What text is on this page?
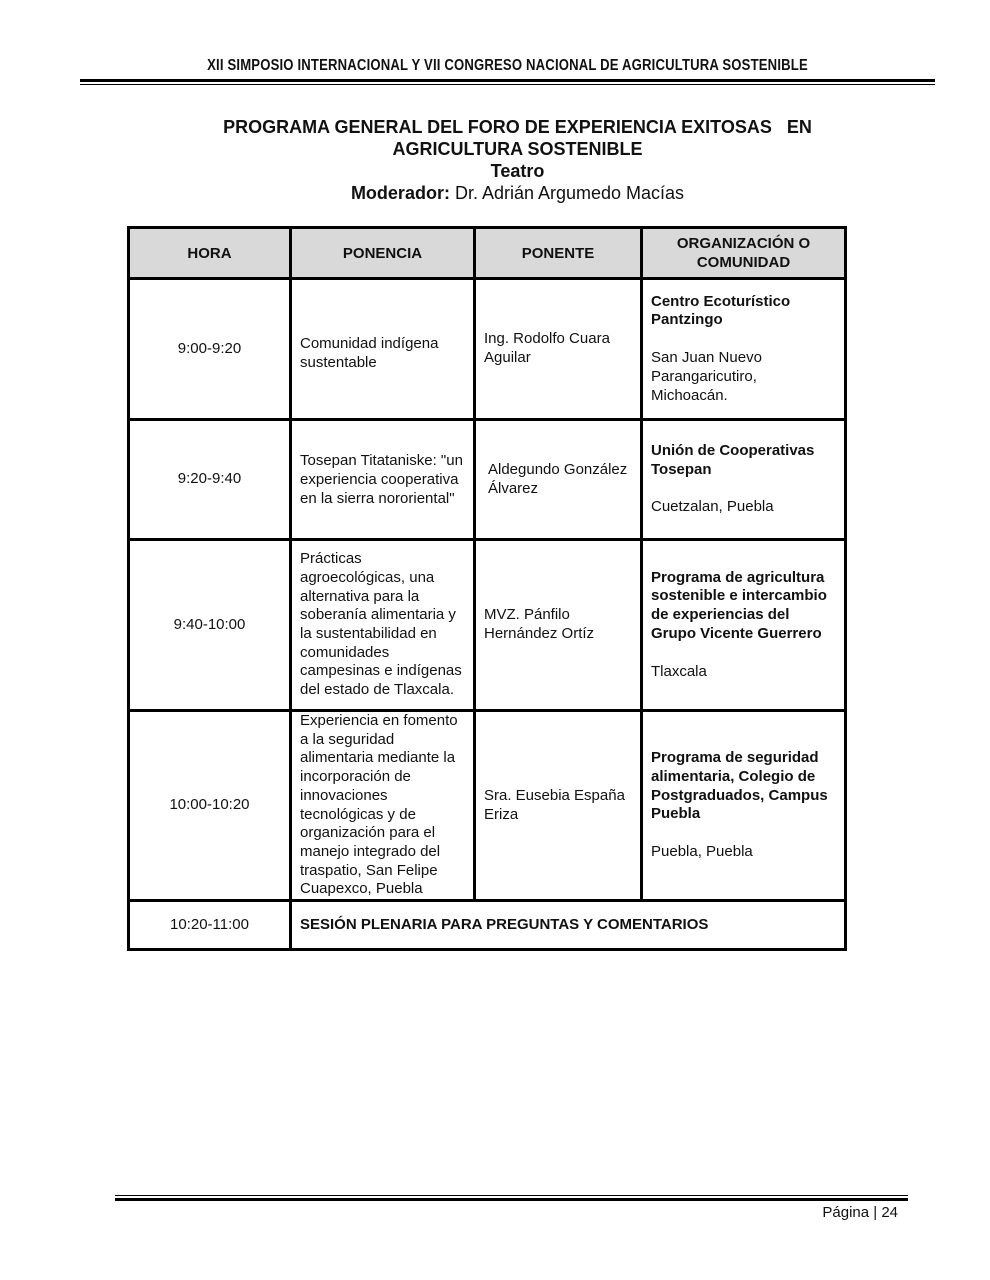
XII SIMPOSIO INTERNACIONAL Y VII CONGRESO NACIONAL DE AGRICULTURA SOSTENIBLE
PROGRAMA GENERAL DEL FORO DE EXPERIENCIA EXITOSAS   EN
AGRICULTURA SOSTENIBLE
Teatro
Moderador: Dr. Adrián Argumedo Macías
HORA	PONENCIA	PONENTE	ORGANIZACIÓN O COMUNIDAD
9:00-9:20	Comunidad indígena sustentable	Ing. Rodolfo Cuara Aguilar	Centro Ecoturístico Pantzingo
San Juan Nuevo Parangaricutiro, Michoacán.

9:20-9:40	Tosepan Titataniske: "un experiencia cooperativa en la sierra nororiental"	Aldegundo González Álvarez	Unión de Cooperativas Tosepan
Cuetzalan, Puebla

9:40-10:00	Prácticas agroecológicas, una alternativa para la soberanía alimentaria y la sustentabilidad en comunidades campesinas e indígenas del estado de Tlaxcala.	MVZ. Pánfilo Hernández Ortíz	Programa de agricultura sostenible e intercambio de experiencias del Grupo Vicente Guerrero
Tlaxcala

10:00-10:20	Experiencia en fomento a la seguridad alimentaria mediante la incorporación de innovaciones tecnológicas y de organización para el manejo integrado del traspatio, San Felipe Cuapexco, Puebla	Sra. Eusebia España Eriza	Programa de seguridad alimentaria, Colegio de Postgraduados, Campus Puebla
Puebla, Puebla

10:20-11:00	SESIÓN PLENARIA PARA PREGUNTAS Y COMENTARIOS		
Página | 24
